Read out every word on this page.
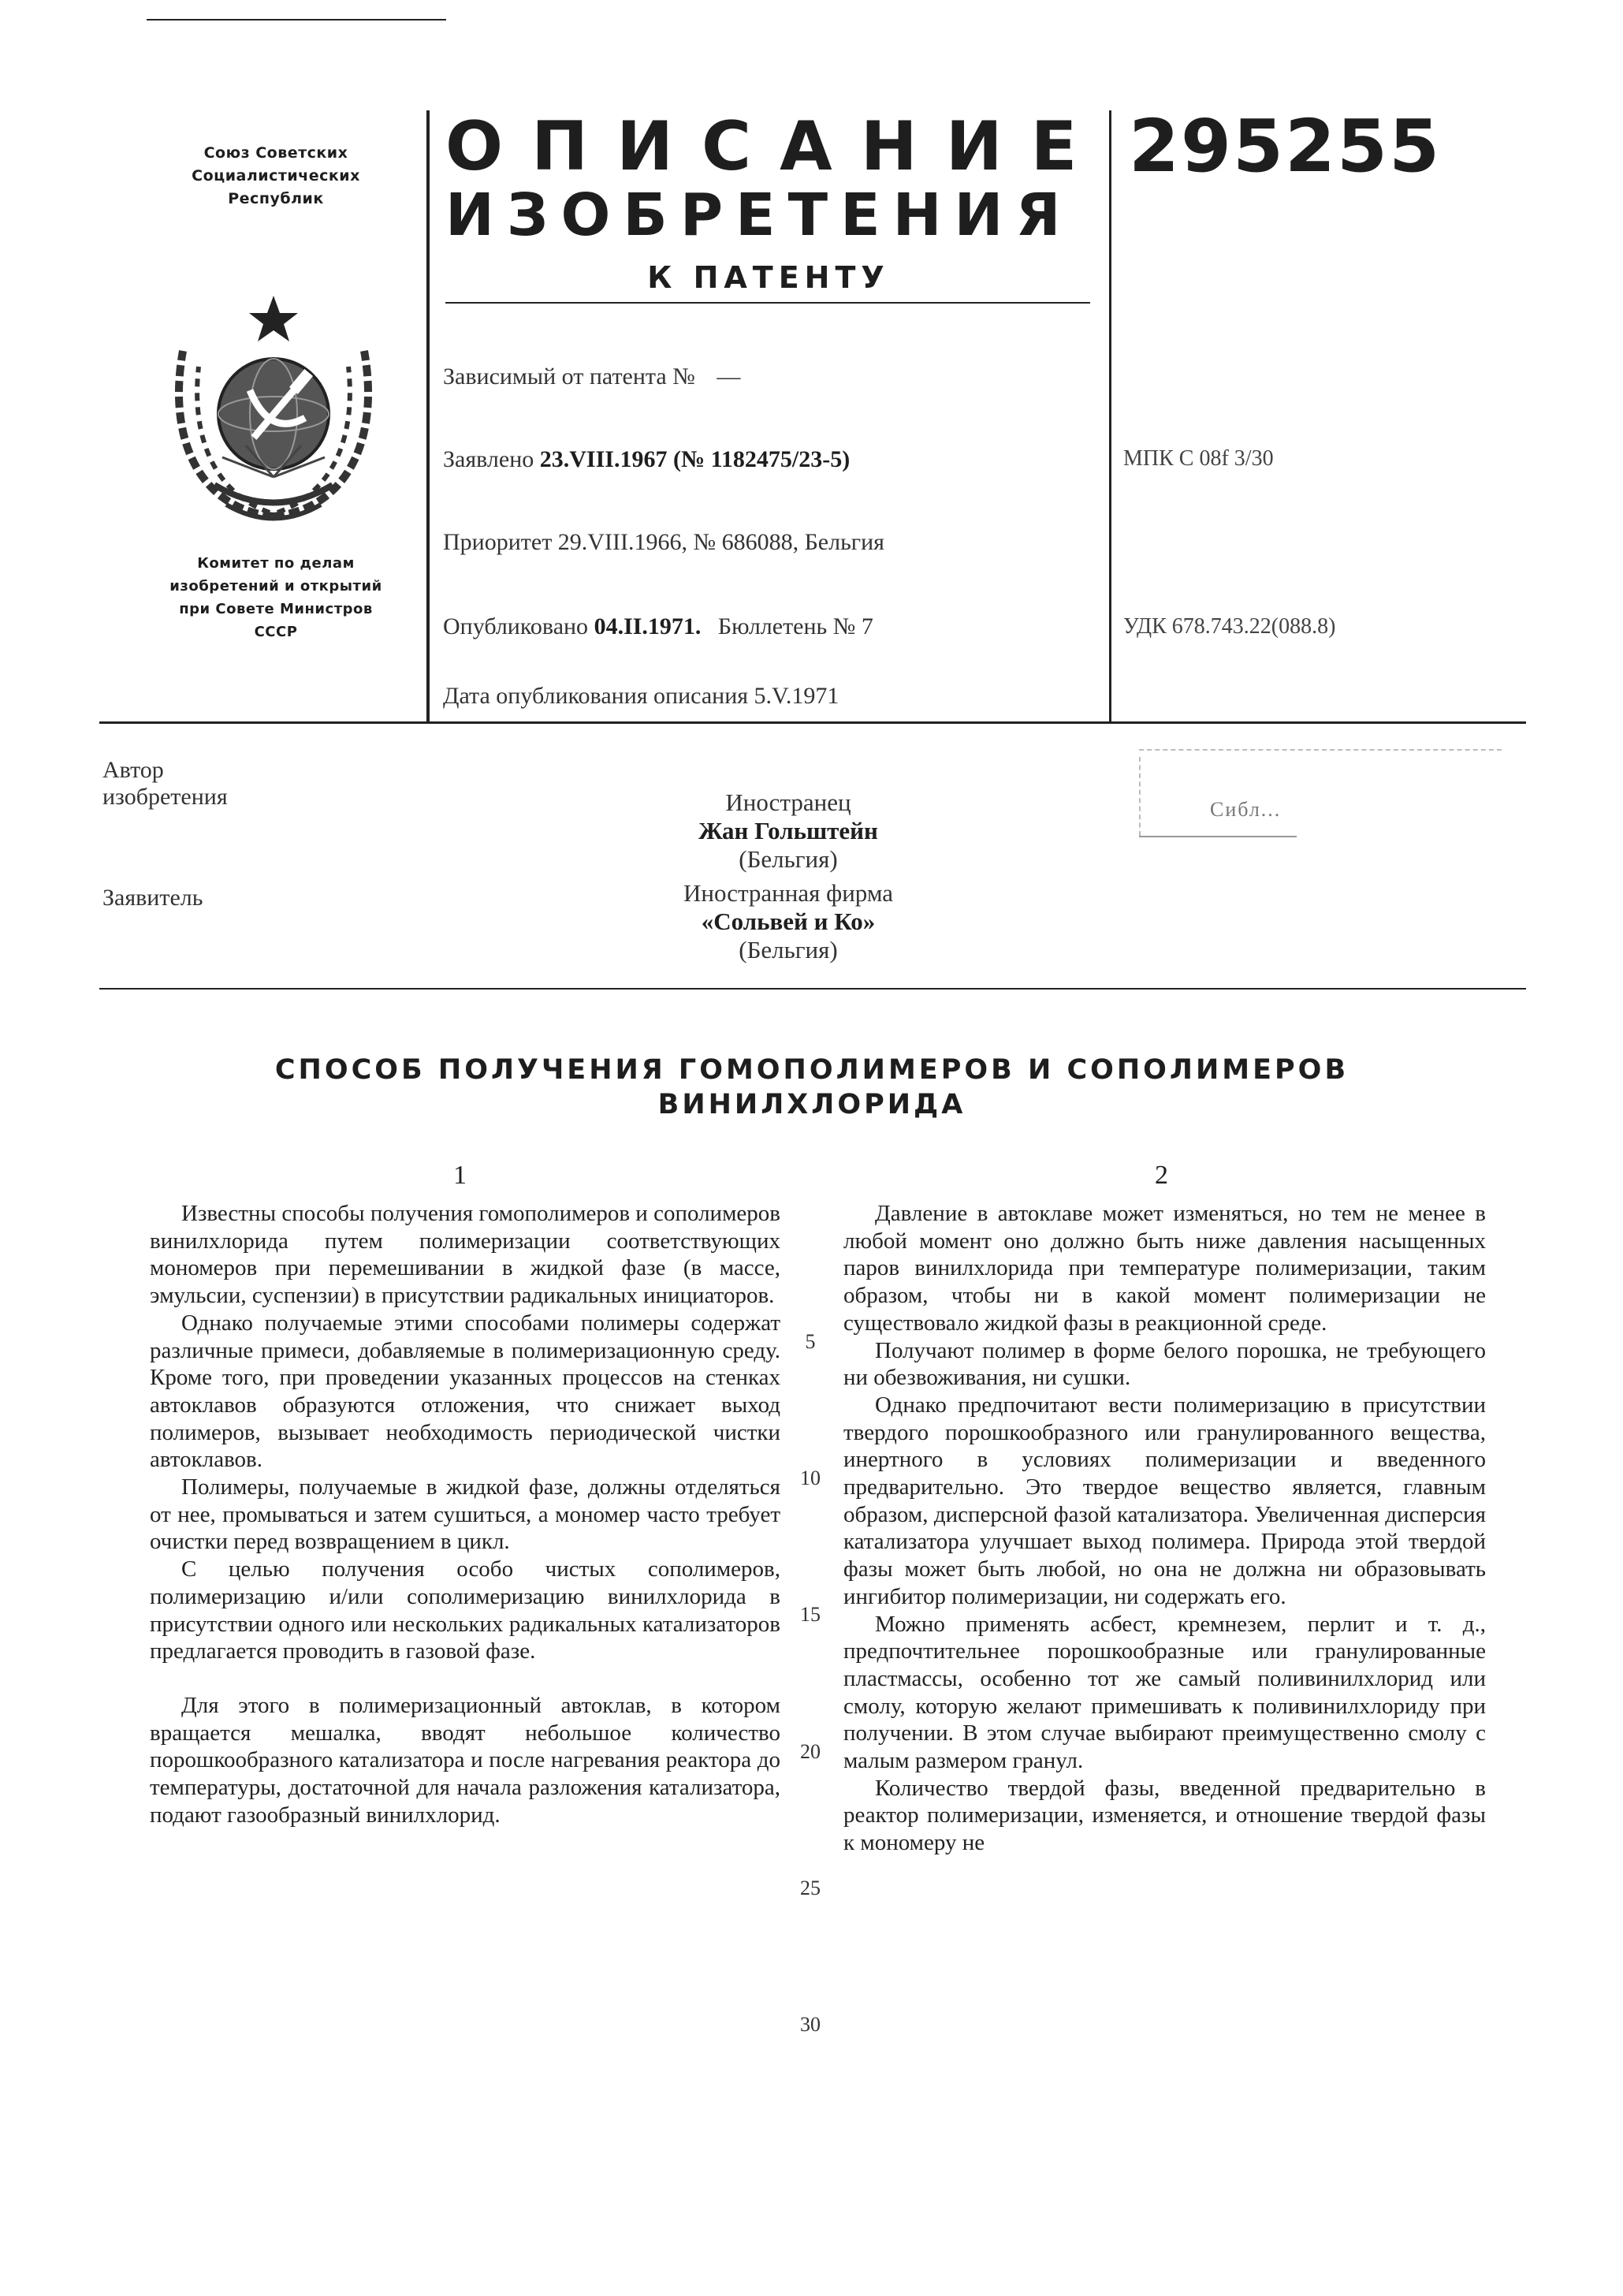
Союз Советских
Социалистических
Республик
Комитет по делам
изобретений и открытий
при Совете Министров
СССР
ОПИСАНИЕ
ИЗОБРЕТЕНИЯ
К ПАТЕНТУ
295255
Зависимый от патента № —
Заявлено 23.VIII.1967 (№ 1182475/23-5)
Приоритет 29.VIII.1966, № 686088, Бельгия
Опубликовано 04.II.1971. Бюллетень № 7
Дата опубликования описания 5.V.1971
МПК С 08f 3/30
УДК 678.743.22(088.8)
Автор
изобретения
Заявитель
Иностранец
Жан Гольштейн
(Бельгия)
Иностранная фирма
«Сольвей и Ко»
(Бельгия)
Сибл...
СПОСОБ ПОЛУЧЕНИЯ ГОМОПОЛИМЕРОВ И СОПОЛИМЕРОВ
ВИНИЛХЛОРИДА
1	2

Известны способы получения гомополимеров и сополимеров винилхлорида путем полимеризации соответствующих мономеров при перемешивании в жидкой фазе (в массе, эмульсии, суспензии) в присутствии радикальных инициаторов.

Однако получаемые этими способами полимеры содержат различные примеси, добавляемые в полимеризационную среду. Кроме того, при проведении указанных процессов на стенках автоклавов образуются отложения, что снижает выход полимеров, вызывает необходимость периодической чистки автоклавов.

Полимеры, получаемые в жидкой фазе, должны отделяться от нее, промываться и затем сушиться, а мономер часто требует очистки перед возвращением в цикл.

С целью получения особо чистых сополимеров, полимеризацию и/или сополимеризацию винилхлорида в присутствии одного или нескольких радикальных катализаторов предлагается проводить в газовой фазе.

Для этого в полимеризационный автоклав, в котором вращается мешалка, вводят небольшое количество порошкообразного катализатора и после нагревания реактора до температуры, достаточной для начала разложения катализатора, подают газообразный винилхлорид.

5
10
15
20
25
30

Давление в автоклаве может изменяться, но тем не менее в любой момент оно должно быть ниже давления насыщенных паров винилхлорида при температуре полимеризации, таким образом, чтобы ни в какой момент полимеризации не существовало жидкой фазы в реакционной среде.

Получают полимер в форме белого порошка, не требующего ни обезвоживания, ни сушки.

Однако предпочитают вести полимеризацию в присутствии твердого порошкообразного или гранулированного вещества, инертного в условиях полимеризации и введенного предварительно. Это твердое вещество является, главным образом, дисперсной фазой катализатора. Увеличенная дисперсия катализатора улучшает выход полимера. Природа этой твердой фазы может быть любой, но она не должна ни образовывать ингибитор полимеризации, ни содержать его.

Можно применять асбест, кремнезем, перлит и т. д., предпочтительнее порошкообразные или гранулированные пластмассы, особенно тот же самый поливинилхлорид или смолу, которую желают примешивать к поливинилхлориду при получении. В этом случае выбирают преимущественно смолу с малым размером гранул.

Количество твердой фазы, введенной предварительно в реактор полимеризации, изменяется, и отношение твердой фазы к мономеру не
